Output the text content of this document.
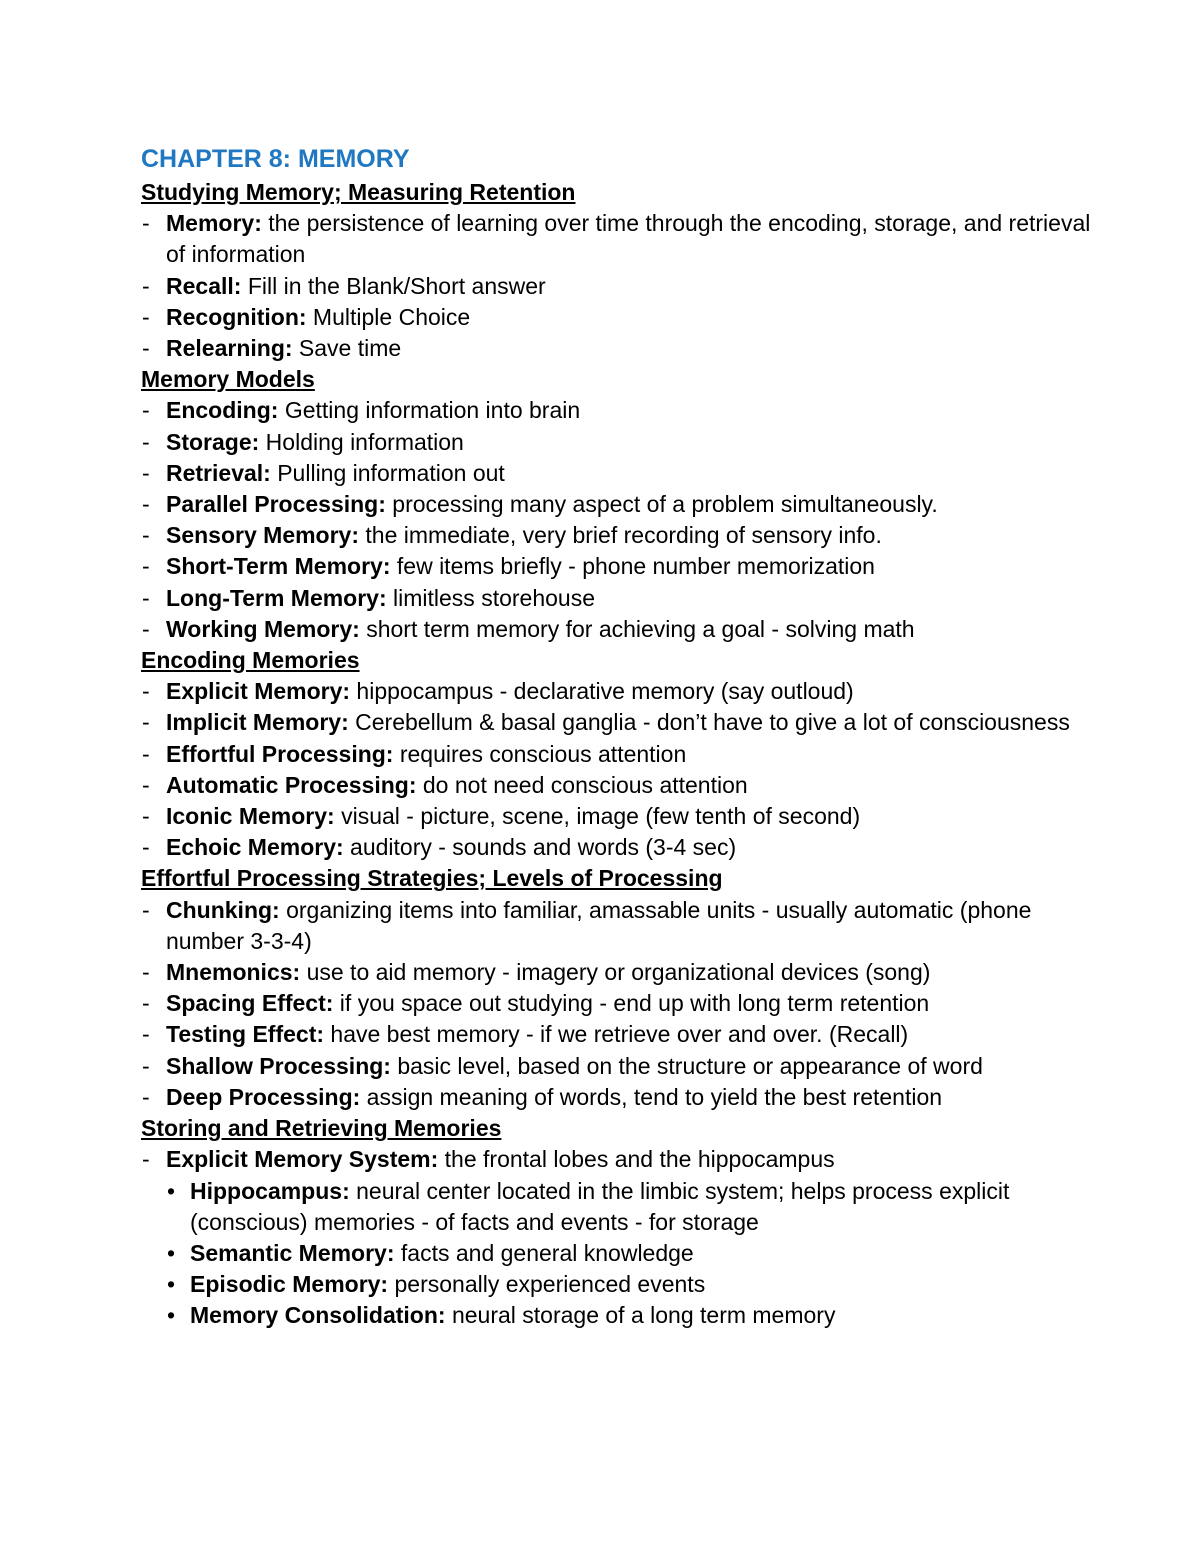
CHAPTER 8: MEMORY
Studying Memory; Measuring Retention
- Memory: the persistence of learning over time through the encoding, storage, and retrieval of information
- Recall: Fill in the Blank/Short answer
- Recognition: Multiple Choice
- Relearning: Save time
Memory Models
- Encoding: Getting information into brain
- Storage: Holding information
- Retrieval: Pulling information out
- Parallel Processing: processing many aspect of a problem simultaneously.
- Sensory Memory: the immediate, very brief recording of sensory info.
- Short-Term Memory: few items briefly - phone number memorization
- Long-Term Memory: limitless storehouse
- Working Memory: short term memory for achieving a goal - solving math
Encoding Memories
- Explicit Memory: hippocampus - declarative memory (say outloud)
- Implicit Memory: Cerebellum & basal ganglia - don’t have to give a lot of consciousness
- Effortful Processing: requires conscious attention
- Automatic Processing: do not need conscious attention
- Iconic Memory: visual - picture, scene, image (few tenth of second)
- Echoic Memory: auditory - sounds and words (3-4 sec)
Effortful Processing Strategies; Levels of Processing
- Chunking: organizing items into familiar, amassable units - usually automatic (phone number 3-3-4)
- Mnemonics: use to aid memory - imagery or organizational devices (song)
- Spacing Effect: if you space out studying - end up with long term retention
- Testing Effect: have best memory - if we retrieve over and over. (Recall)
- Shallow Processing: basic level, based on the structure or appearance of word
- Deep Processing: assign meaning of words, tend to yield the best retention
Storing and Retrieving Memories
- Explicit Memory System: the frontal lobes and the hippocampus
• Hippocampus: neural center located in the limbic system; helps process explicit (conscious) memories - of facts and events - for storage
• Semantic Memory: facts and general knowledge
• Episodic Memory: personally experienced events
• Memory Consolidation: neural storage of a long term memory
